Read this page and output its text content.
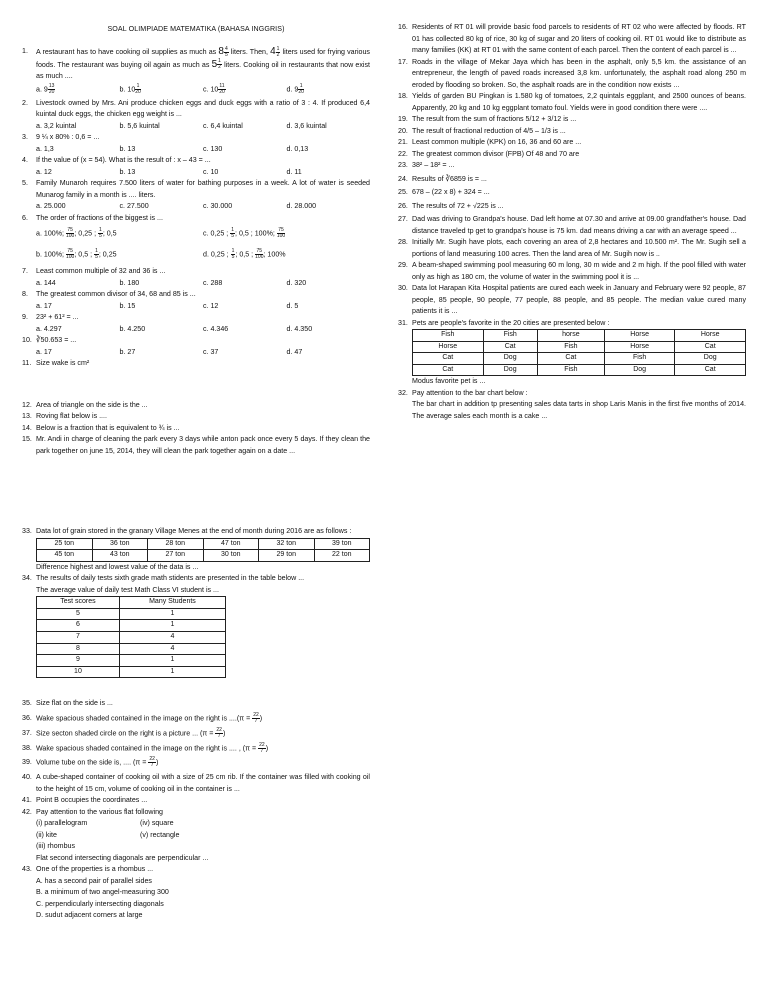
SOAL OLIMPIADE MATEMATIKA (BAHASA INGGRIS)
1.	A restaurant has to have cooking oil supplies as much as $8 \frac{4}{5}$ liters. Then, $4 \frac{1}{2}$ liters used for frying various foods. The restaurant was buying oil again as much as $5 \frac{1}{2}$ liters. Cooking oil in restaurants that now exist as much ....
a. $9 \frac{13}{20}$	b. $10 \frac{1}{20}$	c. $10 \frac{11}{20}$	d. $9 \frac{1}{20}$
2.	Livestock owned by Mrs. Ani produce chicken eggs and duck eggs with a ratio of 3 : 4. If produced 6,4 kuintal duck eggs, the chicken egg weight is ...
a. 3,2 kuintal	b. 5,6 kuintal	c. 6,4 kuintal	d. 3,6 kuintal
3.	9 ¼ x 80% : 0,6 = ...
a. 1,3	b. 13	c. 130	d. 0,13
4.	If the value of (x = 54). What is the result of : x – 43 = ...
a. 12	b. 13	c. 10	d. 11
5.	Family Munaroh requires 7.500 liters of water for bathing purposes in a week. A lot of water is seeded Munarog family in a month is .... liters.
a. 25.000	c. 27.500	c. 30.000	d. 28.000
6.	The order of fractions of the biggest is ...
a. 100%; $\frac{75}{100}$; 0,25 ; $\frac{1}{5}$; 0,5	c. 0,25 ; $\frac{1}{5}$; 0,5 ; 100%; $\frac{75}{100}$
b. 100%; $\frac{75}{100}$; 0,5 ; $\frac{1}{5}$; 0,25	d. 0,25 ; $\frac{1}{5}$; 0,5 ; $\frac{75}{100}$; 100%
7.	Least common multiple of 32 and 36 is ...
a. 144	b. 180	c. 288	d. 320
8.	The greatest common divisor of 34, 68 and 85 is ...
a. 17	b. 15	c. 12	d. 5
9.	23² + 61² = ...
a. 4.297	b. 4.250	c. 4.346	d. 4.350
10. ∛50.653 = ...
a. 17	b. 27	c. 37	d. 47
11. Size wake is cm²
12. Area of triangle on the side is the ...
13. Roving flat below is ....
14. Below is a fraction that is equivalent to ¾ is ...
15. Mr. Andi in charge of cleaning the park every 3 days while anton pack once every 5 days. If they clean the park together on june 15, 2014, they will clean the park together again on a date ...
16. Residents of RT 01 will provide basic food parcels to residents of RT 02 who were affected by floods. RT 01 has collected 80 kg of rice, 30 kg of sugar and 20 liters of cooking oil. RT 01 would like to distribute as many families (KK) at RT 01 with the same content of each parcel. Then the content of each parcel is ...
17. Roads in the village of Mekar Jaya which has been in the asphalt, only 5,5 km. the assistance of an entrepreneur, the length of paved roads increased 3,8 km. unfortunately, the asphalt road along 250 m eroded by flooding so broken. So, the asphalt roads are in the condition now exists ...
18. Yields of garden BU Pingkan is 1.580 kg of tomatoes, 2,2 quintals eggplant, and 2500 ounces of beans. Apparently, 20 kg and 10 kg eggplant tomato foul. Yields were in good condition there were ....
19. The result from the sum of fractions 5/12 + 3/12 is ...
20. The result of fractional reduction of 4/5 – 1/3 is ...
21. Least common multiple (KPK) on 16, 36 and 60 are ...
22. The greatest common divisor (FPB) Of 48 and 70 are
23. 38² – 18² = ...
24. Results of ∛6859 is = ...
25. 678 – (22 x 8) + 324 = ...
26. The results of 72 + √225 is ...
27. Dad was driving to Grandpa's house. Dad left home at 07.30 and arrive at 09.00 grandfather's house. Dad distance traveled tp get to grandpa's house is 75 km. dad means driving a car with an average speed ...
28. Initially Mr. Sugih have plots, each covering an area of 2,8 hectares and 10.500 m². The Mr. Sugih sell a portions of land measuring 100 acres. Then the land area of Mr. Sugih now is ..
29. A beam-shaped swimming pool measuring 60 m long, 30 m wide and 2 m high. If the pool filled with water only as high as 180 cm, the volume of water in the swimming pool it is ...
30. Data lot Harapan Kita Hospital patients are cured each week in January and February were 92 people, 87 people, 85 people, 90 people, 77 people, 88 people, and 85 people. The median value cured many patients it is ...
31. Pets are people's favorite in the 20 cities are presented below :
Fish	Fish	horse	Horse	Horse
Horse	Cat	Fish	Horse	Cat
Cat	Dog	Cat	Fish	Dog
Cat	Dog	Fish	Dog	Cat
Modus favorite pet is ...
32. Pay attention to the bar chart below :
The bar chart in addition tp presenting sales data tarts in shop Laris Manis in the first five months of 2014. The average sales each month is a cake ...
33. Data lot of grain stored in the granary Village Menes at the end of month during 2016 are as follows :
25 ton	36 ton	28 ton	47 ton	32 ton	39 ton
45 ton	43 ton	27 ton	30 ton	29 ton	22 ton
Difference highest and lowest value of the data is ...
34. The results of daily tests sixth grade math stidents are presented in the table below ...
The average value of daily test Math Class VI student is ...
Test scores	Many Students
5	1
6	1
7	4
8	4
9	1
10	1
35. Size flat on the side is ...
36. Wake spacious shaded contained in the image on the right is $....(\pi = \frac{22}{7})$
37. Size secton shaded circle on the right is a picture ... $(\pi = \frac{22}{7})$
38. Wake spacious shaded contained in the image on the right is .... , $(\pi = \frac{22}{7})$
39. Volume tube on the side is, .... $(\pi = \frac{22}{7})$
40. A cube-shaped container of cooking oil with a size of 25 cm rib. If the container was filled with cooking oil to the height of 15 cm, volume of cooking oil in the container is ...
41. Point B occupies the coordinates ...
42. Pay attention to the various flat following
(i) parallelogram	(iv) square
(ii) kite	(v) rectangle
(iii) rhombus
Flat second intersecting diagonals are perpendicular ...
43. One of the properties is a rhombus ...
A. has a second pair of parallel sides
B. a minimum of two angel-measuring 300
C. perpendicularly intersecting diagonals
D. sudut adjacent corners at large
